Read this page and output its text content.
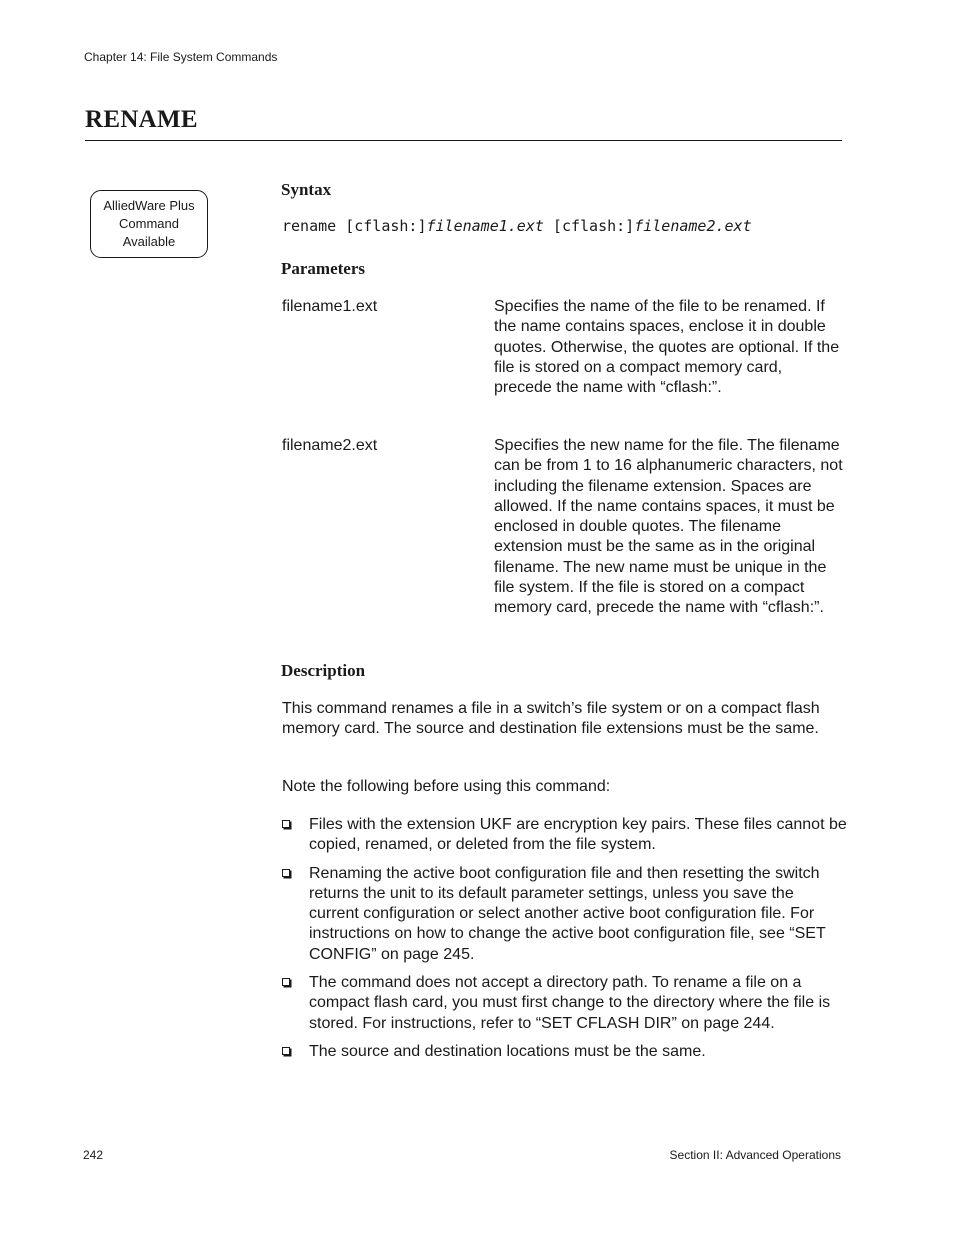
Chapter 14: File System Commands
RENAME
AlliedWare Plus
Command
Available
Syntax
rename [cflash:]filename1.ext [cflash:]filename2.ext
Parameters
filename1.ext	Specifies the name of the file to be renamed. If the name contains spaces, enclose it in double quotes. Otherwise, the quotes are optional. If the file is stored on a compact memory card, precede the name with “cflash:”.
filename2.ext	Specifies the new name for the file. The filename can be from 1 to 16 alphanumeric characters, not including the filename extension. Spaces are allowed. If the name contains spaces, it must be enclosed in double quotes. The filename extension must be the same as in the original filename. The new name must be unique in the file system. If the file is stored on a compact memory card, precede the name with “cflash:”.
Description
This command renames a file in a switch’s file system or on a compact flash memory card. The source and destination file extensions must be the same.
Note the following before using this command:
Files with the extension UKF are encryption key pairs. These files cannot be copied, renamed, or deleted from the file system.
Renaming the active boot configuration file and then resetting the switch returns the unit to its default parameter settings, unless you save the current configuration or select another active boot configuration file. For instructions on how to change the active boot configuration file, see “SET CONFIG” on page 245.
The command does not accept a directory path. To rename a file on a compact flash card, you must first change to the directory where the file is stored. For instructions, refer to “SET CFLASH DIR” on page 244.
The source and destination locations must be the same.
242	Section II: Advanced Operations
